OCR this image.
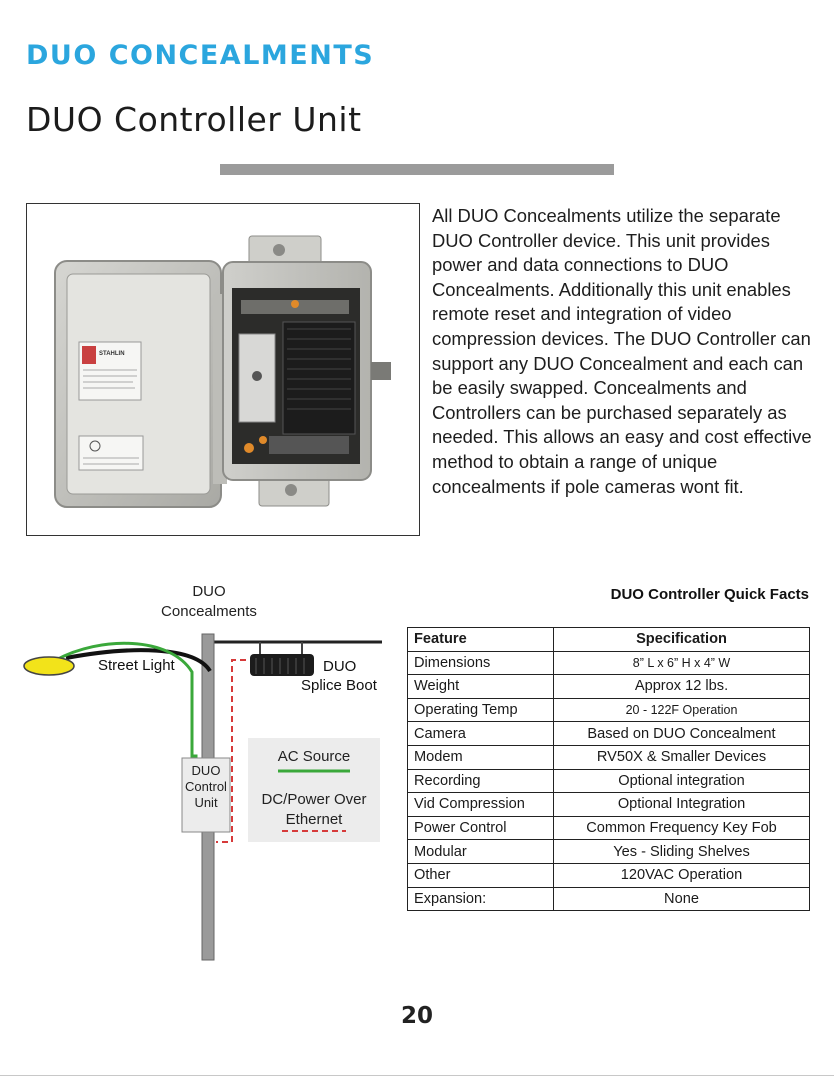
DUO CONCEALMENTS
DUO Controller Unit
STAHLIN
All DUO Concealments utilize the separate DUO Controller device. This unit provides power and data connections to DUO Concealments. Additionally this unit enables remote reset and integration of video compression devices. The DUO Controller can support any DUO Concealment and each can be easily swapped. Concealments and Controllers can be purchased separately as needed. This allows an easy and cost effective method to obtain a range of unique concealments if pole cameras wont fit.
DUO
Concealments
Street Light	DUO
Splice Boot
DUO
Control
Unit
AC Source
DC/Power Over
Ethernet
DUO Controller Quick Facts
Feature	Specification
Dimensions	8” L x 6” H x 4” W
Weight	Approx 12 lbs.
Operating Temp	20 - 122F Operation
Camera	Based on DUO Concealment
Modem	RV50X & Smaller Devices
Recording	Optional integration
Vid Compression	Optional Integration
Power Control	Common Frequency Key Fob
Modular	Yes - Sliding Shelves
Other	120VAC Operation
Expansion:	None
20
